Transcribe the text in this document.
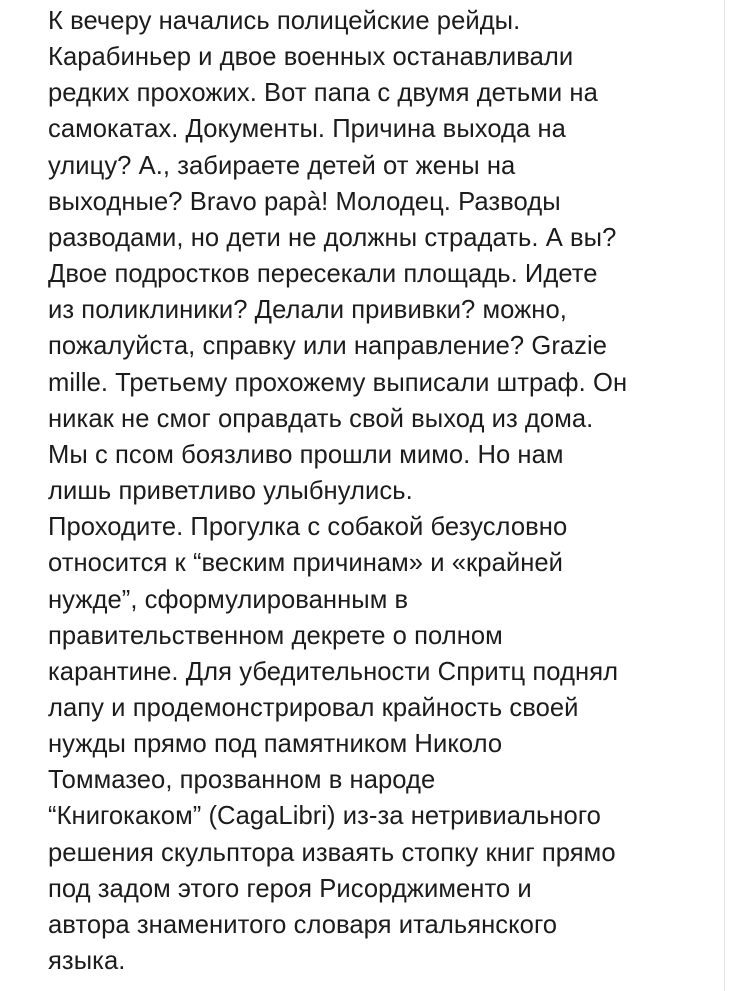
К вечеру начались полицейские рейды.
Карабиньер и двое военных останавливали
редких прохожих. Вот папа с двумя детьми на
самокатах. Документы. Причина выхода на
улицу? А., забираете детей от жены на
выходные? Bravo papà! Молодец. Разводы
разводами, но дети не должны страдать. А вы?
Двое подростков пересекали площадь. Идете
из поликлиники? Делали прививки? можно,
пожалуйста, справку или направление? Grazie
mille. Третьему прохожему выписали штраф. Он
никак не смог оправдать свой выход из дома.
Мы с псом боязливо прошли мимо. Но нам
лишь приветливо улыбнулись.
Проходите. Прогулка с собакой безусловно
относится к “веским причинам» и «крайней
нужде”, сформулированным в
правительственном декрете о полном
карантине. Для убедительности Спритц поднял
лапу и продемонстрировал крайность своей
нужды прямо под памятником Николо
Томмазео, прозванном в народе
“Книгокаком” (CagaLibri) из-за нетривиального
решения скульптора изваять стопку книг прямо
под задом этого героя Рисорджименто и
автора знаменитого словаря итальянского
языка.
